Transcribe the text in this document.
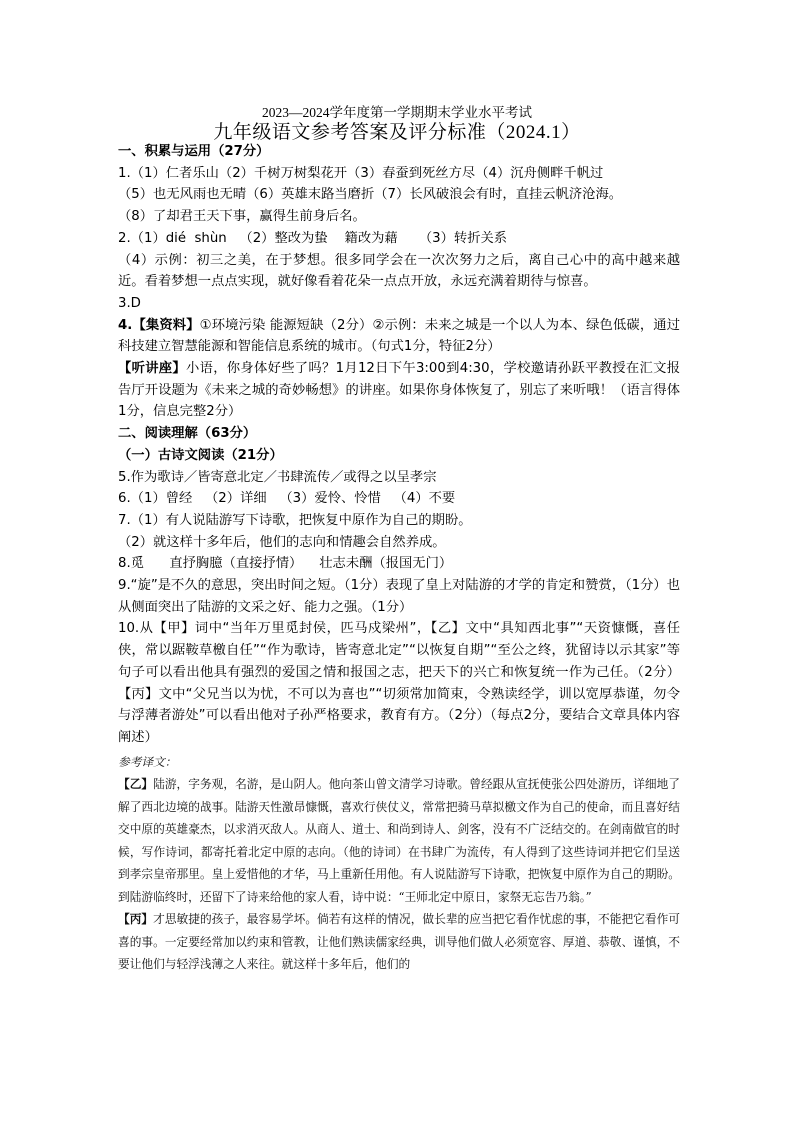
2023—2024学年度第一学期期末学业水平考试
九年级语文参考答案及评分标准（2024.1）

一、积累与运用（27分）

1.（1）仁者乐山（2）千树万树梨花开（3）春蚕到死丝方尽（4）沉舟侧畔千帆过

（5）也无风雨也无晴（6）英雄末路当磨折（7）长风破浪会有时，直挂云帆济沧海。

（8）了却君王天下事，赢得生前身后名。

2.（1）dié  shùn   （2）整改为蛰    籍改为藉     （3）转折关系

（4）示例：初三之美，在于梦想。很多同学会在一次次努力之后，离自己心中的高中越来越近。看着梦想一点点实现，就好像看着花朵一点点开放，永远充满着期待与惊喜。

3.D

4.【集资料】①环境污染 能源短缺（2分）②示例：未来之城是一个以人为本、绿色低碳，通过科技建立智慧能源和智能信息系统的城市。（句式1分，特征2分）

【听讲座】小语，你身体好些了吗？1月12日下午3:00到4:30，学校邀请孙跃平教授在汇文报告厅开设题为《未来之城的奇妙畅想》的讲座。如果你身体恢复了，别忘了来听哦！（语言得体1分，信息完整2分）

二、阅读理解（63分）

（一）古诗文阅读（21分）

5.作为歌诗／皆寄意北定／书肆流传／或得之以呈孝宗

6.（1）曾经   （2）详细   （3）爱怜、怜惜   （4）不要

7.（1）有人说陆游写下诗歌，把恢复中原作为自己的期盼。

（2）就这样十多年后，他们的志向和情趣会自然养成。

8.觅      直抒胸臆（直接抒情）    壮志未酬（报国无门）

9.“旋”是不久的意思，突出时间之短。（1分）表现了皇上对陆游的才学的肯定和赞赏，（1分）也从侧面突出了陆游的文采之好、能力之强。（1分）

10.从【甲】词中“当年万里觅封侯，匹马戍梁州”，【乙】文中“具知西北事”“天资慷慨，喜任侠，常以踞鞍草檄自任”“作为歌诗，皆寄意北定”“以恢复自期”“至公之终，犹留诗以示其家”等句子可以看出他具有强烈的爱国之情和报国之志，把天下的兴亡和恢复统一作为己任。（2分）【丙】文中“父兄当以为忧，不可以为喜也”“切须常加简束，令熟读经学，训以宽厚恭谨，勿令与浮薄者游处”可以看出他对子孙严格要求，教育有方。（2分）（每点2分，要结合文章具体内容阐述）

参考译文：

【乙】陆游，字务观，名游，是山阴人。他向茶山曾文清学习诗歌。曾经跟从宣抚使张公四处游历，详细地了解了西北边境的战事。陆游天性激昂慷慨，喜欢行侠仗义，常常把骑马草拟檄文作为自己的使命，而且喜好结交中原的英雄豪杰，以求消灭敌人。从商人、道士、和尚到诗人、剑客，没有不广泛结交的。在剑南做官的时候，写作诗词，都寄托着北定中原的志向。（他的诗词）在书肆广为流传，有人得到了这些诗词并把它们呈送到孝宗皇帝那里。皇上爱惜他的才华，马上重新任用他。有人说陆游写下诗歌，把恢复中原作为自己的期盼。到陆游临终时，还留下了诗来给他的家人看，诗中说：“王师北定中原日，家祭无忘告乃翁。”

【丙】才思敏捷的孩子，最容易学坏。倘若有这样的情况，做长辈的应当把它看作忧虑的事，不能把它看作可喜的事。一定要经常加以约束和管教，让他们熟读儒家经典，训导他们做人必须宽容、厚道、恭敬、谨慎，不要让他们与轻浮浅薄之人来往。就这样十多年后，他们的
